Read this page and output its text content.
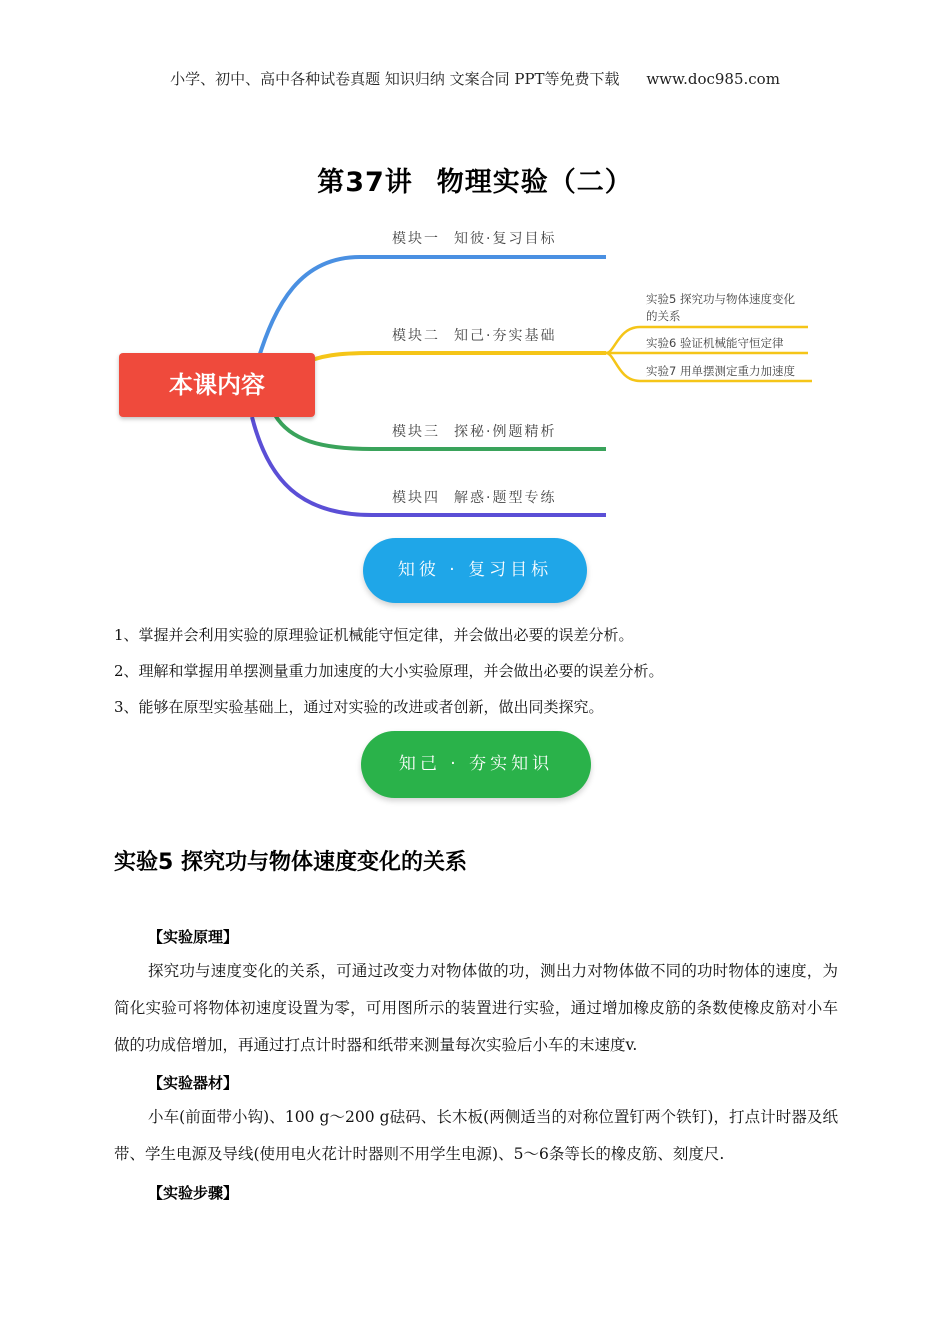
小学、初中、高中各种试卷真题 知识归纳 文案合同 PPT等免费下载 www.doc985.com
第37讲 物理实验（二）
本课内容
模块一 知彼·复习目标
模块二 知己·夯实基础
模块三 探秘·例题精析
模块四 解惑·题型专练
实验5 探究功与物体速度变化的关系
实验6 验证机械能守恒定律
实验7 用单摆测定重力加速度
知彼 · 复习目标
1、掌握并会利用实验的原理验证机械能守恒定律，并会做出必要的误差分析。
2、理解和掌握用单摆测量重力加速度的大小实验原理，并会做出必要的误差分析。
3、能够在原型实验基础上，通过对实验的改进或者创新，做出同类探究。
知己 · 夯实知识
实验5 探究功与物体速度变化的关系
【实验原理】
探究功与速度变化的关系，可通过改变力对物体做的功，测出力对物体做不同的功时物体的速度，为简化实验可将物体初速度设置为零，可用图所示的装置进行实验，通过增加橡皮筋的条数使橡皮筋对小车做的功成倍增加，再通过打点计时器和纸带来测量每次实验后小车的末速度v.
【实验器材】
小车(前面带小钩)、100 g～200 g砝码、长木板(两侧适当的对称位置钉两个铁钉)，打点计时器及纸带、学生电源及导线(使用电火花计时器则不用学生电源)、5～6条等长的橡皮筋、刻度尺.
【实验步骤】
